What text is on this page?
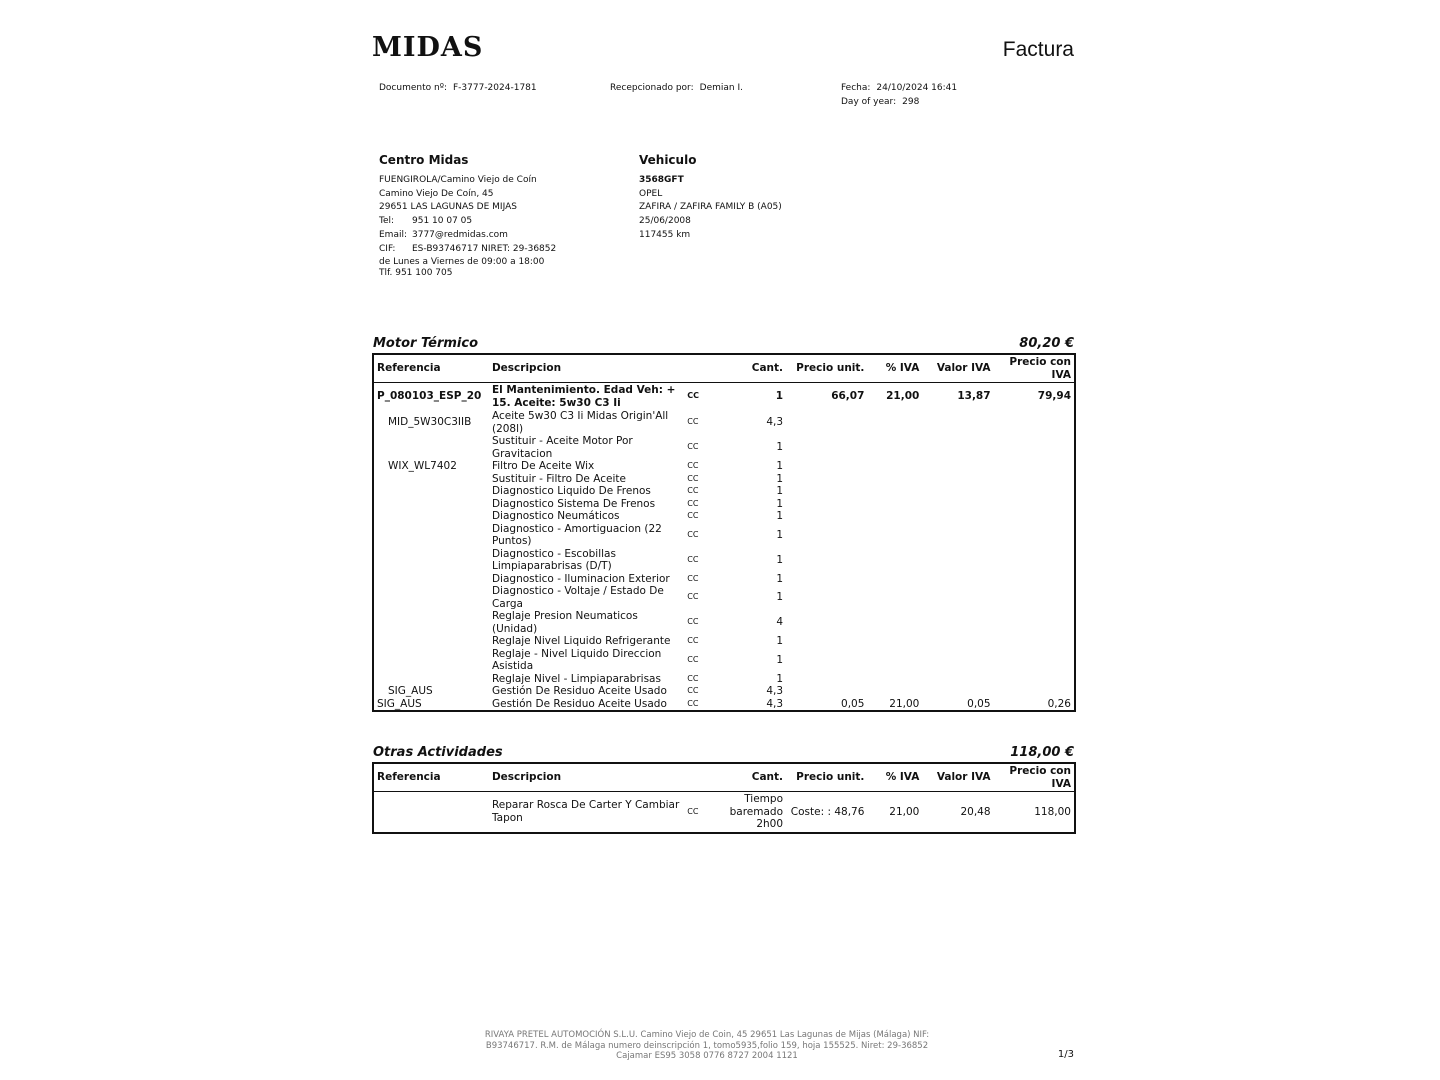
MIDAS	Factura
Documento nº: F-3777-2024-1781	Recepcionado por: Demian I.	Fecha: 24/10/2024 16:41
Day of year: 298
Centro Midas
FUENGIROLA/Camino Viejo de Coín
Camino Viejo De Coín, 45
29651 LAS LAGUNAS DE MIJAS
Tel: 951 10 07 05
Email: 3777@redmidas.com
CIF: ES-B93746717 NIRET: 29-36852
de Lunes a Viernes de 09:00 a 18:00
Tlf. 951 100 705
Vehiculo
3568GFT
OPEL
ZAFIRA / ZAFIRA FAMILY B (A05)
25/06/2008
117455 km
Motor Térmico	80,20 €
Referencia	Descripcion		Cant.	Precio unit.	% IVA	Valor IVA	Precio con IVA
P_080103_ESP_20	El Mantenimiento. Edad Veh: + 15. Aceite: 5w30 C3 Ii	CC	1	66,07	21,00	13,87	79,94
MID_5W30C3IIB	Aceite 5w30 C3 Ii Midas Origin'All (208l)	CC	4,3				
	Sustituir - Aceite Motor Por Gravitacion	CC	1				
WIX_WL7402	Filtro De Aceite Wix	CC	1				
	Sustituir - Filtro De Aceite	CC	1				
	Diagnostico Liquido De Frenos	CC	1				
	Diagnostico Sistema De Frenos	CC	1				
	Diagnostico Neumáticos	CC	1				
	Diagnostico - Amortiguacion (22 Puntos)	CC	1				
	Diagnostico - Escobillas Limpiaparabrisas (D/T)	CC	1				
	Diagnostico - Iluminacion Exterior	CC	1				
	Diagnostico - Voltaje / Estado De Carga	CC	1				
	Reglaje Presion Neumaticos (Unidad)	CC	4				
	Reglaje Nivel Liquido Refrigerante	CC	1				
	Reglaje - Nivel Liquido Direccion Asistida	CC	1				
	Reglaje Nivel - Limpiaparabrisas	CC	1				
SIG_AUS	Gestión De Residuo Aceite Usado	CC	4,3				
SIG_AUS	Gestión De Residuo Aceite Usado	CC	4,3	0,05	21,00	0,05	0,26
Otras Actividades	118,00 €
Referencia	Descripcion		Cant.	Precio unit.	% IVA	Valor IVA	Precio con IVA
	Reparar Rosca De Carter Y Cambiar Tapon	CC	Tiempo baremado 2h00	Coste: : 48,76	21,00	20,48	118,00
RIVAYA PRETEL AUTOMOCIÓN S.L.U. Camino Viejo de Coin, 45 29651 Las Lagunas de Mijas (Málaga) NIF:
B93746717. R.M. de Málaga numero deinscripción 1, tomo5935,folio 159, hoja 155525. Niret: 29-36852
Cajamar ES95 3058 0776 8727 2004 1121	1/3
